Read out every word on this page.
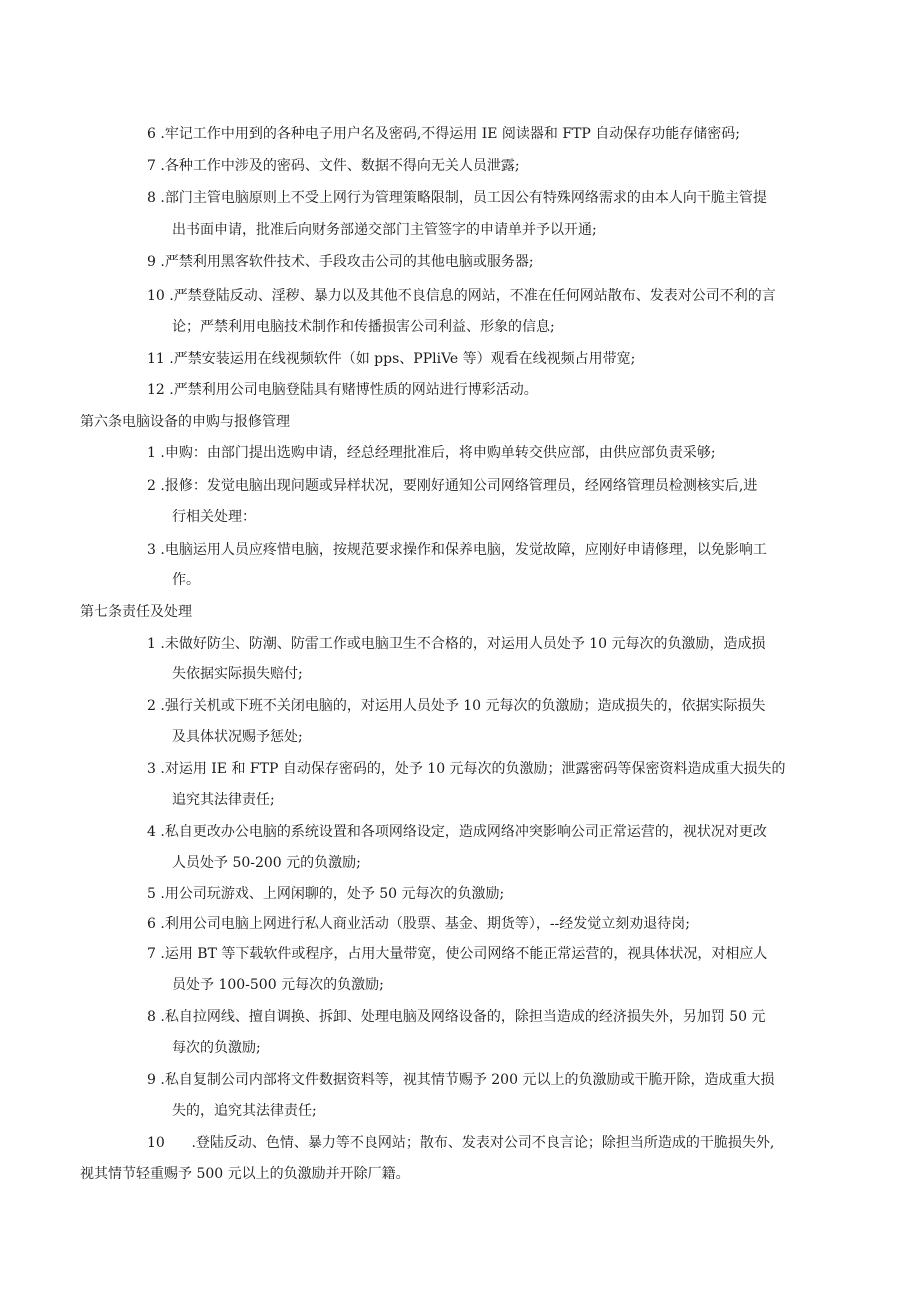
6 .牢记工作中用到的各种电子用户名及密码,不得运用 IE 阅读器和 FTP 自动保存功能存储密码;
7 .各种工作中涉及的密码、文件、数据不得向无关人员泄露;
8 .部门主管电脑原则上不受上网行为管理策略限制，员工因公有特殊网络需求的由本人向干脆主管提
出书面申请，批准后向财务部递交部门主管签字的申请单并予以开通;
9 .严禁利用黑客软件技术、手段攻击公司的其他电脑或服务器;
10 .严禁登陆反动、淫秽、暴力以及其他不良信息的网站，不准在任何网站散布、发表对公司不利的言
论；严禁利用电脑技术制作和传播损害公司利益、形象的信息;
11 .严禁安装运用在线视频软件（如 pps、PPliVe 等）观看在线视频占用带宽;
12 .严禁利用公司电脑登陆具有赌博性质的网站进行博彩活动。
第六条电脑设备的申购与报修管理
1 .申购：由部门提出选购申请，经总经理批准后，将申购单转交供应部，由供应部负责采够;
2 .报修：发觉电脑出现问题或异样状况，要刚好通知公司网络管理员，经网络管理员检测核实后,进
行相关处理：
3 .电脑运用人员应疼惜电脑，按规范要求操作和保养电脑，发觉故障，应刚好申请修理，以免影响工
作。
第七条责任及处理
1 .未做好防尘、防潮、防雷工作或电脑卫生不合格的，对运用人员处予 10 元每次的负激励，造成损
失依据实际损失赔付;
2 .强行关机或下班不关闭电脑的，对运用人员处予 10 元每次的负激励；造成损失的，依据实际损失
及具体状况赐予惩处;
3 .对运用 IE 和 FTP 自动保存密码的，处予 10 元每次的负激励；泄露密码等保密资料造成重大损失的
追究其法律责任;
4 .私自更改办公电脑的系统设置和各项网络设定，造成网络冲突影响公司正常运营的，视状况对更改
人员处予 50-200 元的负激励;
5 .用公司玩游戏、上网闲聊的，处予 50 元每次的负激励;
6 .利用公司电脑上网进行私人商业活动（股票、基金、期货等），--经发觉立刻劝退待岗;
7 .运用 BT 等下载软件或程序，占用大量带宽，使公司网络不能正常运营的，视具体状况，对相应人
员处予 100-500 元每次的负激励;
8 .私自拉网线、擅自调换、拆卸、处理电脑及网络设备的，除担当造成的经济损失外，另加罚 50 元
每次的负激励;
9 .私自复制公司内部将文件数据资料等，视其情节赐予 200 元以上的负激励或干脆开除，造成重大损
失的，追究其法律责任;
10 .登陆反动、色情、暴力等不良网站；散布、发表对公司不良言论；除担当所造成的干脆损失外,
视其情节轻重赐予 500 元以上的负激励并开除厂籍。
